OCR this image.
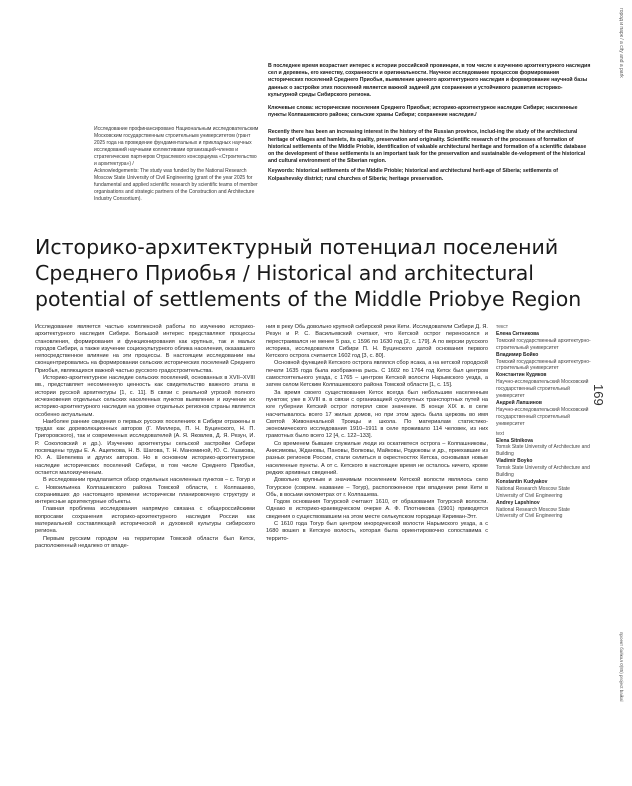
город и парк / a city and a park
169
проект байкал 0(85) project baikal
Исследование профинансировано Национальным исследовательским Московским государственным строительным университетом (грант 2025 года на проведение фундаментальных и прикладных научных исследований научными коллективами организаций-членов и стратегических партнеров Отраслевого консорциума «Строительство и архитектура») /
Acknowledgements: The study was funded by the National Research Moscow State University of Civil Engineering (grant of the year 2025 for fundamental and applied scientific research by scientific teams of member organisations and strategic partners of the Construction and Architecture Industry Consortium).
В последнее время возрастает интерес к истории российской провинции, в том числе к изучению архитектурного наследия сел и деревень, его качеству, сохранности и оригинальности. Научное исследование процессов формирования исторических поселений Среднего Приобья, выявление ценного архитектурного наследия и формирование научной базы данных о застройке этих поселений является важной задачей для сохранения и устойчивого развития историко-культурной среды Сибирского региона.
Ключевые слова: исторические поселения Среднего Приобья; историко-архитектурное наследие Сибири; населенные пункты Колпашевского района; сельские храмы Сибири; сохранение наследия./
Recently there has been an increasing interest in the history of the Russian province, includ-ing the study of the architectural heritage of villages and hamlets, its quality, preservation and originality. Scientific research of the processes of formation of historical settlements of the Middle Priobie, identification of valuable architectural heritage and formation of a scientific database on the development of these settlements is an important task for the preservation and sustainable de-velopment of the historical and cultural environment of the Siberian region.
Keywords: historical settlements of the Middle Priobie; historical and architectural herit-age of Siberia; settlements of Kolpashevsky district; rural churches of Siberia; heritage preservation.
Историко-архитектурный потенциал поселений Среднего Приобья / Historical and architectural potential of settlements of the Middle Priobye Region

Исследование является частью комплексной работы по изучению историко-архитектурного наследия Сибири. Большой интерес представляют процессы становления, формирования и функционирования как крупных, так и малых городов Сибири, а также изучение социокультурного облика населения, оказавшего непосредственное влияние на эти процессы. В настоящем исследовании мы сконцентрировались на формировании сельских исторических поселений Среднего Приобья, являющихся важной частью русского градостроительства.

Историко-архитектурное наследие сельских поселений, основанных в XVII–XVIII вв., представляет несомненную ценность как свидетельство важного этапа в истории русской архитектуры [1, с. 11]. В связи с реальной угрозой полного исчезновения отдельных сельских населенных пунктов выявление и изучение их историко-архитектурного наследия на уровне отдельных регионов страны является особенно актуальным.

Наиболее ранние сведения о первых русских поселениях в Сибири отражены в трудах как дореволюционных авторов (Г. Миллера, П. Н. Буцинского, Н. П. Григоровского), так и современных исследователей (А. Я. Яковлев, Д. Я. Резун, И. Р. Соколовский и др.). Изучению архитектуры сельской застройки Сибири посвящены труды Е. А. Ащепкова, Н. В. Шагова, Т. Н. Маноминой, Ю. С. Ушакова, Ю. А. Шепелева и других авторов. Но в основном историко-архитектурное наследие исторических поселений Сибири, в том числе Среднего Приобья, остается малоизученным.

В исследовании предлагается обзор отдельных населенных пунктов – с. Тогур и с. Новоильинка Колпашевского района Томской области, г. Колпашево, сохранивших до настоящего времени исторически планировочную структуру и интересные архитектурные объекты.

Главная проблема исследования напрямую связана с общероссийскими вопросами сохранения историко-архитектурного наследия России как материальной составляющей исторической и духовной культуры сибирского региона.

Первым русским городом на территории Томской области был Кетск, расположенный недалеко от впаде-

ния в реку Обь довольно крупной сибирской реки Кети. Исследователи Сибири Д. Я. Резун и Р. С. Васильевский считают, что Кетской острог переносился и перестраивался не менее 5 раз, с 1596 по 1630 год [2, с. 179]. А по версии русского историка, исследователя Сибири П. Н. Буцинского датой основания первого Кетского острога считается 1602 год [3, с. 80].

Основной функцией Кетского острога являлся сбор ясака, а на кетской городской печати 1635 года была изображена рысь. С 1602 по 1764 год Кетск был центром самостоятельного уезда, с 1765 – центром Кетской волости Нарымского уезда, а затем селом Кетским Колпашевского района Томской области [1, с. 15].

За время своего существования Кетск всегда был небольшим населенным пунктом; уже в XVIII в. в связи с организацией сухопутных транспортных путей на юге губернии Кетский острог потерял свое значение. В конце XIX в. в селе насчитывалось всего 17 жилых домов, но при этом здесь была церковь во имя Святой Живоначальной Троицы и школа. По материалам статистико-экономического исследования 1910–1911 в селе проживало 114 человек, из них грамотных было всего 12 [4, с. 122–133].

Со временем бывшие служилые люди из оскативтеся острога – Колпашниковы, Анисимовы, Ждановы, Пановы, Волковы, Майковы, Родюковы и др., приехавшие из разных регионов России, стали селиться в окрестностях Кетска, основывая новые населенные пункты. А от с. Кетского в настоящее время не осталось ничего, кроме редких архивных сведений.

Довольно крупным и значимым поселением Кетской волости являлось село Тогурское (соврем. название – Тогур), расположенное при впадении реки Кети в Обь, в восьми километрах от г. Колпашева.

Годом основания Тогурской считают 1610, от образования Тогурской волости. Однако в историко-краеведческом очерке А. Ф. Плотникова (1901) приводятся сведения о существовавшем на этом месте селькупском городище Кириман-Этт.

С 1610 года Тогур был центром инородческой волости Нарымского уезда, а с 1680 вошел в Кетскую волость, которая была ориентировочно сопоставима с террито-

текст
Елена Ситникова
Томский государственный архитектурно-строительный университет
Владимир Бойко
Томский государственный архитектурно-строительный университет
Константин Кудяков
Научно-исследовательский Московский государственный строительный университет
Андрей Лапшинов
Научно-исследовательский Московский государственный строительный университет
text
Elena Sitnikova
Tomsk State University of Architecture and Building
Vladimir Boyko
Tomsk State University of Architecture and Building
Konstantin Kudyakov
National Research Moscow State University of Civil Engineering
Andrey Lapshinov
National Research Moscow State University of Civil Engineering
